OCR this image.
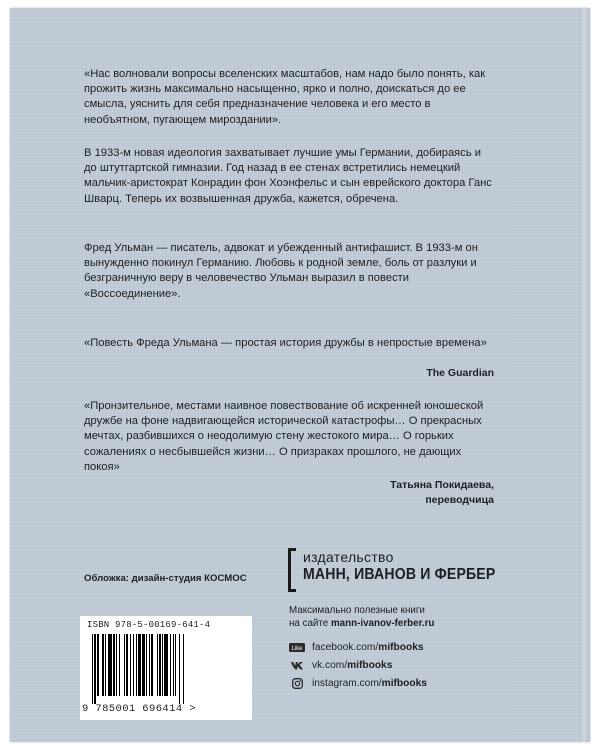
«Нас волновали вопросы вселенских масштабов, нам надо было понять, как прожить жизнь максимально насыщенно, ярко и полно, доискаться до ее смысла, уяснить для себя предназначение человека и его место в необъятном, пугающем мироздании».

В 1933-м новая идеология захватывает лучшие умы Германии, добираясь и до штутгартской гимназии. Год назад в ее стенах встретились немецкий мальчик-аристократ Конрадин фон Хоэнфельс и сын еврейского доктора Ганс Шварц. Теперь их возвышенная дружба, кажется, обречена.

Фред Ульман — писатель, адвокат и убежденный антифашист. В 1933-м он вынужденно покинул Германию. Любовь к родной земле, боль от разлуки и безграничную веру в человечество Ульман выразил в повести «Воссоединение».

«Повесть Фреда Ульмана — простая история дружбы в непростые времена»

The Guardian

«Пронзительное, местами наивное повествование об искренней юношеской дружбе на фоне надвигающейся исторической катастрофы… О прекрасных мечтах, разбившихся о неодолимую стену жестокого мира… О горьких сожалениях о несбывшейся жизни… О призраках прошлого, не дающих покоя»

Татьяна Покидаева,
переводчица
Обложка: дизайн-студия КОСМОС
ISBN 978-5-00169-641-4
9 785001 696414 >
издательство
МАНН, ИВАНОВ И ФЕРБЕР
Максимально полезные книги
на сайте mann-ivanov-ferber.ru
Like facebook.com/ mifbooks
vk.com/ mifbooks
instagram.com/ mifbooks
